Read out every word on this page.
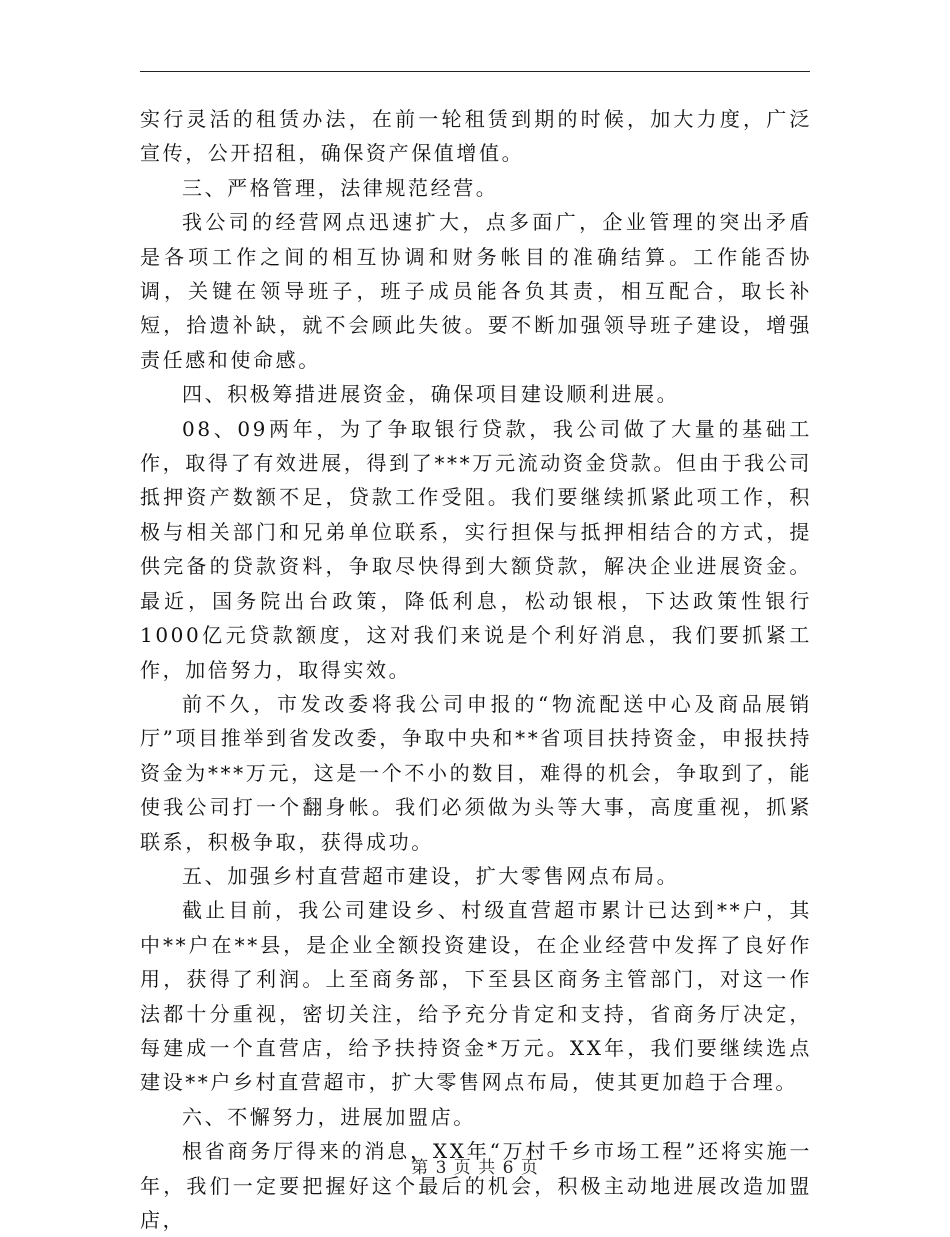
实行灵活的租赁办法，在前一轮租赁到期的时候，加大力度，广泛宣传，公开招租，确保资产保值增值。

三、严格管理，法律规范经营。

我公司的经营网点迅速扩大，点多面广，企业管理的突出矛盾是各项工作之间的相互协调和财务帐目的准确结算。工作能否协调，关键在领导班子，班子成员能各负其责，相互配合，取长补短，拾遗补缺，就不会顾此失彼。要不断加强领导班子建设，增强责任感和使命感。

四、积极筹措进展资金，确保项目建设顺利进展。

08、09两年，为了争取银行贷款，我公司做了大量的基础工作，取得了有效进展，得到了***万元流动资金贷款。但由于我公司抵押资产数额不足，贷款工作受阻。我们要继续抓紧此项工作，积极与相关部门和兄弟单位联系，实行担保与抵押相结合的方式，提供完备的贷款资料，争取尽快得到大额贷款，解决企业进展资金。最近，国务院出台政策，降低利息，松动银根，下达政策性银行1000亿元贷款额度，这对我们来说是个利好消息，我们要抓紧工作，加倍努力，取得实效。

前不久，市发改委将我公司申报的“物流配送中心及商品展销厅”项目推举到省发改委，争取中央和**省项目扶持资金，申报扶持资金为***万元，这是一个不小的数目，难得的机会，争取到了，能使我公司打一个翻身帐。我们必须做为头等大事，高度重视，抓紧联系，积极争取，获得成功。

五、加强乡村直营超市建设，扩大零售网点布局。

截止目前，我公司建设乡、村级直营超市累计已达到**户，其中**户在**县，是企业全额投资建设，在企业经营中发挥了良好作用，获得了利润。上至商务部，下至县区商务主管部门，对这一作法都十分重视，密切关注，给予充分肯定和支持，省商务厅决定，每建成一个直营店，给予扶持资金*万元。XX年，我们要继续选点建设**户乡村直营超市，扩大零售网点布局，使其更加趋于合理。

六、不懈努力，进展加盟店。

根省商务厅得来的消息，XX年“万村千乡市场工程”还将实施一年，我们一定要把握好这个最后的机会，积极主动地进展改造加盟店，

第 3 页 共 6 页
